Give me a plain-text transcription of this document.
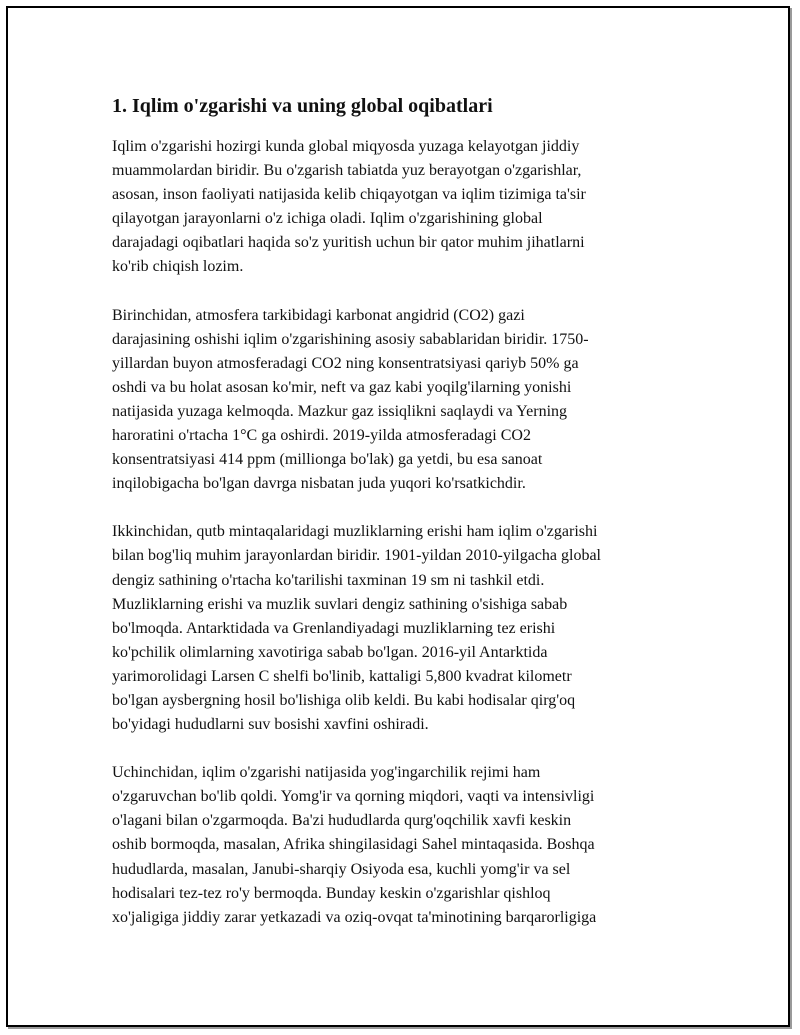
1. Iqlim o'zgarishi va uning global oqibatlari

Iqlim o'zgarishi hozirgi kunda global miqyosda yuzaga kelayotgan jiddiy
muammolardan biridir. Bu o'zgarish tabiatda yuz berayotgan o'zgarishlar,
asosan, inson faoliyati natijasida kelib chiqayotgan va iqlim tizimiga ta'sir
qilayotgan jarayonlarni o'z ichiga oladi. Iqlim o'zgarishining global
darajadagi oqibatlari haqida so'z yuritish uchun bir qator muhim jihatlarni
ko'rib chiqish lozim.

Birinchidan, atmosfera tarkibidagi karbonat angidrid (CO2) gazi
darajasining oshishi iqlim o'zgarishining asosiy sabablaridan biridir. 1750-
yillardan buyon atmosferadagi CO2 ning konsentratsiyasi qariyb 50% ga
oshdi va bu holat asosan ko'mir, neft va gaz kabi yoqilg'ilarning yonishi
natijasida yuzaga kelmoqda. Mazkur gaz issiqlikni saqlaydi va Yerning
haroratini o'rtacha 1°C ga oshirdi. 2019-yilda atmosferadagi CO2
konsentratsiyasi 414 ppm (millionga bo'lak) ga yetdi, bu esa sanoat
inqilobigacha bo'lgan davrga nisbatan juda yuqori ko'rsatkichdir.

Ikkinchidan, qutb mintaqalaridagi muzliklarning erishi ham iqlim o'zgarishi
bilan bog'liq muhim jarayonlardan biridir. 1901-yildan 2010-yilgacha global
dengiz sathining o'rtacha ko'tarilishi taxminan 19 sm ni tashkil etdi.
Muzliklarning erishi va muzlik suvlari dengiz sathining o'sishiga sabab
bo'lmoqda. Antarktidada va Grenlandiyadagi muzliklarning tez erishi
ko'pchilik olimlarning xavotiriga sabab bo'lgan. 2016-yil Antarktida
yarimorolidagi Larsen C shelfi bo'linib, kattaligi 5,800 kvadrat kilometr
bo'lgan aysbergning hosil bo'lishiga olib keldi. Bu kabi hodisalar qirg'oq
bo'yidagi hududlarni suv bosishi xavfini oshiradi.

Uchinchidan, iqlim o'zgarishi natijasida yog'ingarchilik rejimi ham
o'zgaruvchan bo'lib qoldi. Yomg'ir va qorning miqdori, vaqti va intensivligi
o'lagani bilan o'zgarmoqda. Ba'zi hududlarda qurg'oqchilik xavfi keskin
oshib bormoqda, masalan, Afrika shingilasidagi Sahel mintaqasida. Boshqa
hududlarda, masalan, Janubi-sharqiy Osiyoda esa, kuchli yomg'ir va sel
hodisalari tez-tez ro'y bermoqda. Bunday keskin o'zgarishlar qishloq
xo'jaligiga jiddiy zarar yetkazadi va oziq-ovqat ta'minotining barqarorligiga
